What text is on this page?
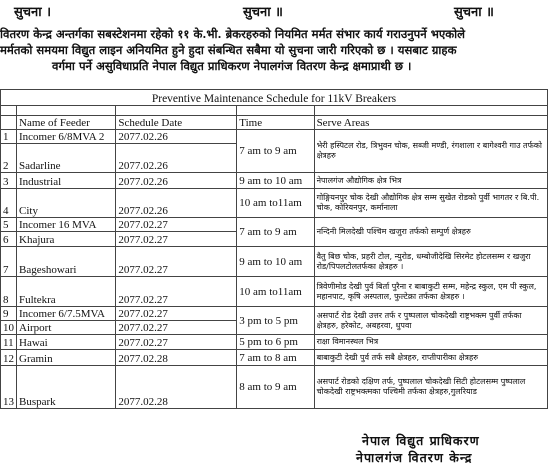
सुचना ।	सुचना ॥	सुचना ॥
वितरण केन्द्र अन्तर्गका सबस्टेशनमा रहेको ११ के.भी. ब्रेकरहरुको नियमित मर्मत संभार कार्य गराउनुपर्ने भएकोले
मर्मतको समयमा विद्युत लाइन अनियमित हुने हुदा संबन्धित सबैमा यो सुचना जारी गरिएको छ । यसबाट ग्राहक
वर्गमा पर्ने असुविधाप्रति नेपाल विद्युत प्राधिकरण नेपालगंज वितरण केन्द्र क्षमाप्राथी छ ।
Preventive Maintenance Schedule for 11kV Breakers				

	Name of Feeder	Schedule Date	Time	Serve Areas
1	Incomer 6/8MVA 2	2077.02.26	7 am to 9 am	भेरी हस्पिटल रोड, त्रिभुवन चोक, सब्जी मण्डी, रंगशाला र बागेश्वरी गाउ तर्फको क्षेत्रहरु
2	Sadarline	2077.02.26		
3	Industrial	2077.02.26	9 am to 10 am	नेपालगंज औद्योगिक क्षेत्र भित्र
4	City	2077.02.26	10 am to11am	गोङ्गियनपुर चोक देखी औद्योगिक क्षेत्र सम्म सुखेत रोडको पुर्वी भागतर र बि.पी. चोक, कोरियनपुर, कर्मानाला
5	Incomer 16 MVA	2077.02.27	7 am to 9 am	नन्दिनी मिलदेखी पश्चिम खजुरा तर्फको सम्पुर्ण क्षेत्रहरु
6	Khajura	2077.02.27		
7	Bageshowari	2077.02.27	9 am to 10 am	वैतु बिछ चोक, प्रहरी टोल, न्युरोड, धम्बोजीदेखि सिरमेट होटलसम्म र खजुरा रोड/पिपलटोलतर्फका क्षेत्रहरु ।
8	Fultekra	2077.02.27	10 am to11am	त्रिवेणीमोड देखी पुर्व बिर्ता पुरैना र बाबाकुटी सम्म, महेन्द्र स्कुल, एम पी स्कुल, महानपाट, कृषि अस्पताल, फुल्टेक्रा तर्फका क्षेत्रहरु ।
9	Incomer 6/7.5MVA	2077.02.27	3 pm to 5 pm	असपार्ट रोड देखी उत्तर तर्फ र पुष्पलाल चोकदेखी राष्ट्रभक्त्म पुर्वी तर्फका क्षेत्रहरु, हरेकोट, अबहरवा, धुपवा
10	Airport	2077.02.27		
11	Hawai	2077.02.27	5 pm to 6 pm	राक्षा विमानस्थल भित्र
12	Gramin	2077.02.28	7 am to 8 am	बाबाकुटी देखी पुर्व तर्फ सबै क्षेत्रहरु, राप्तीपारीका क्षेत्रहरु
13	Buspark	2077.02.28	8 am to 9 am	असपार्ट रोडको दक्षिण तर्फ, पुष्पलाल चोकदेखी सिटी होटलसम्म पुष्पलाल चोकदेखी राष्ट्रभक्त्मका पश्चिमी तर्फका क्षेत्रहरु,गुलरियाड
नेपाल विद्युत प्राधिकरण
नेपालगंज वितरण केन्द्र
